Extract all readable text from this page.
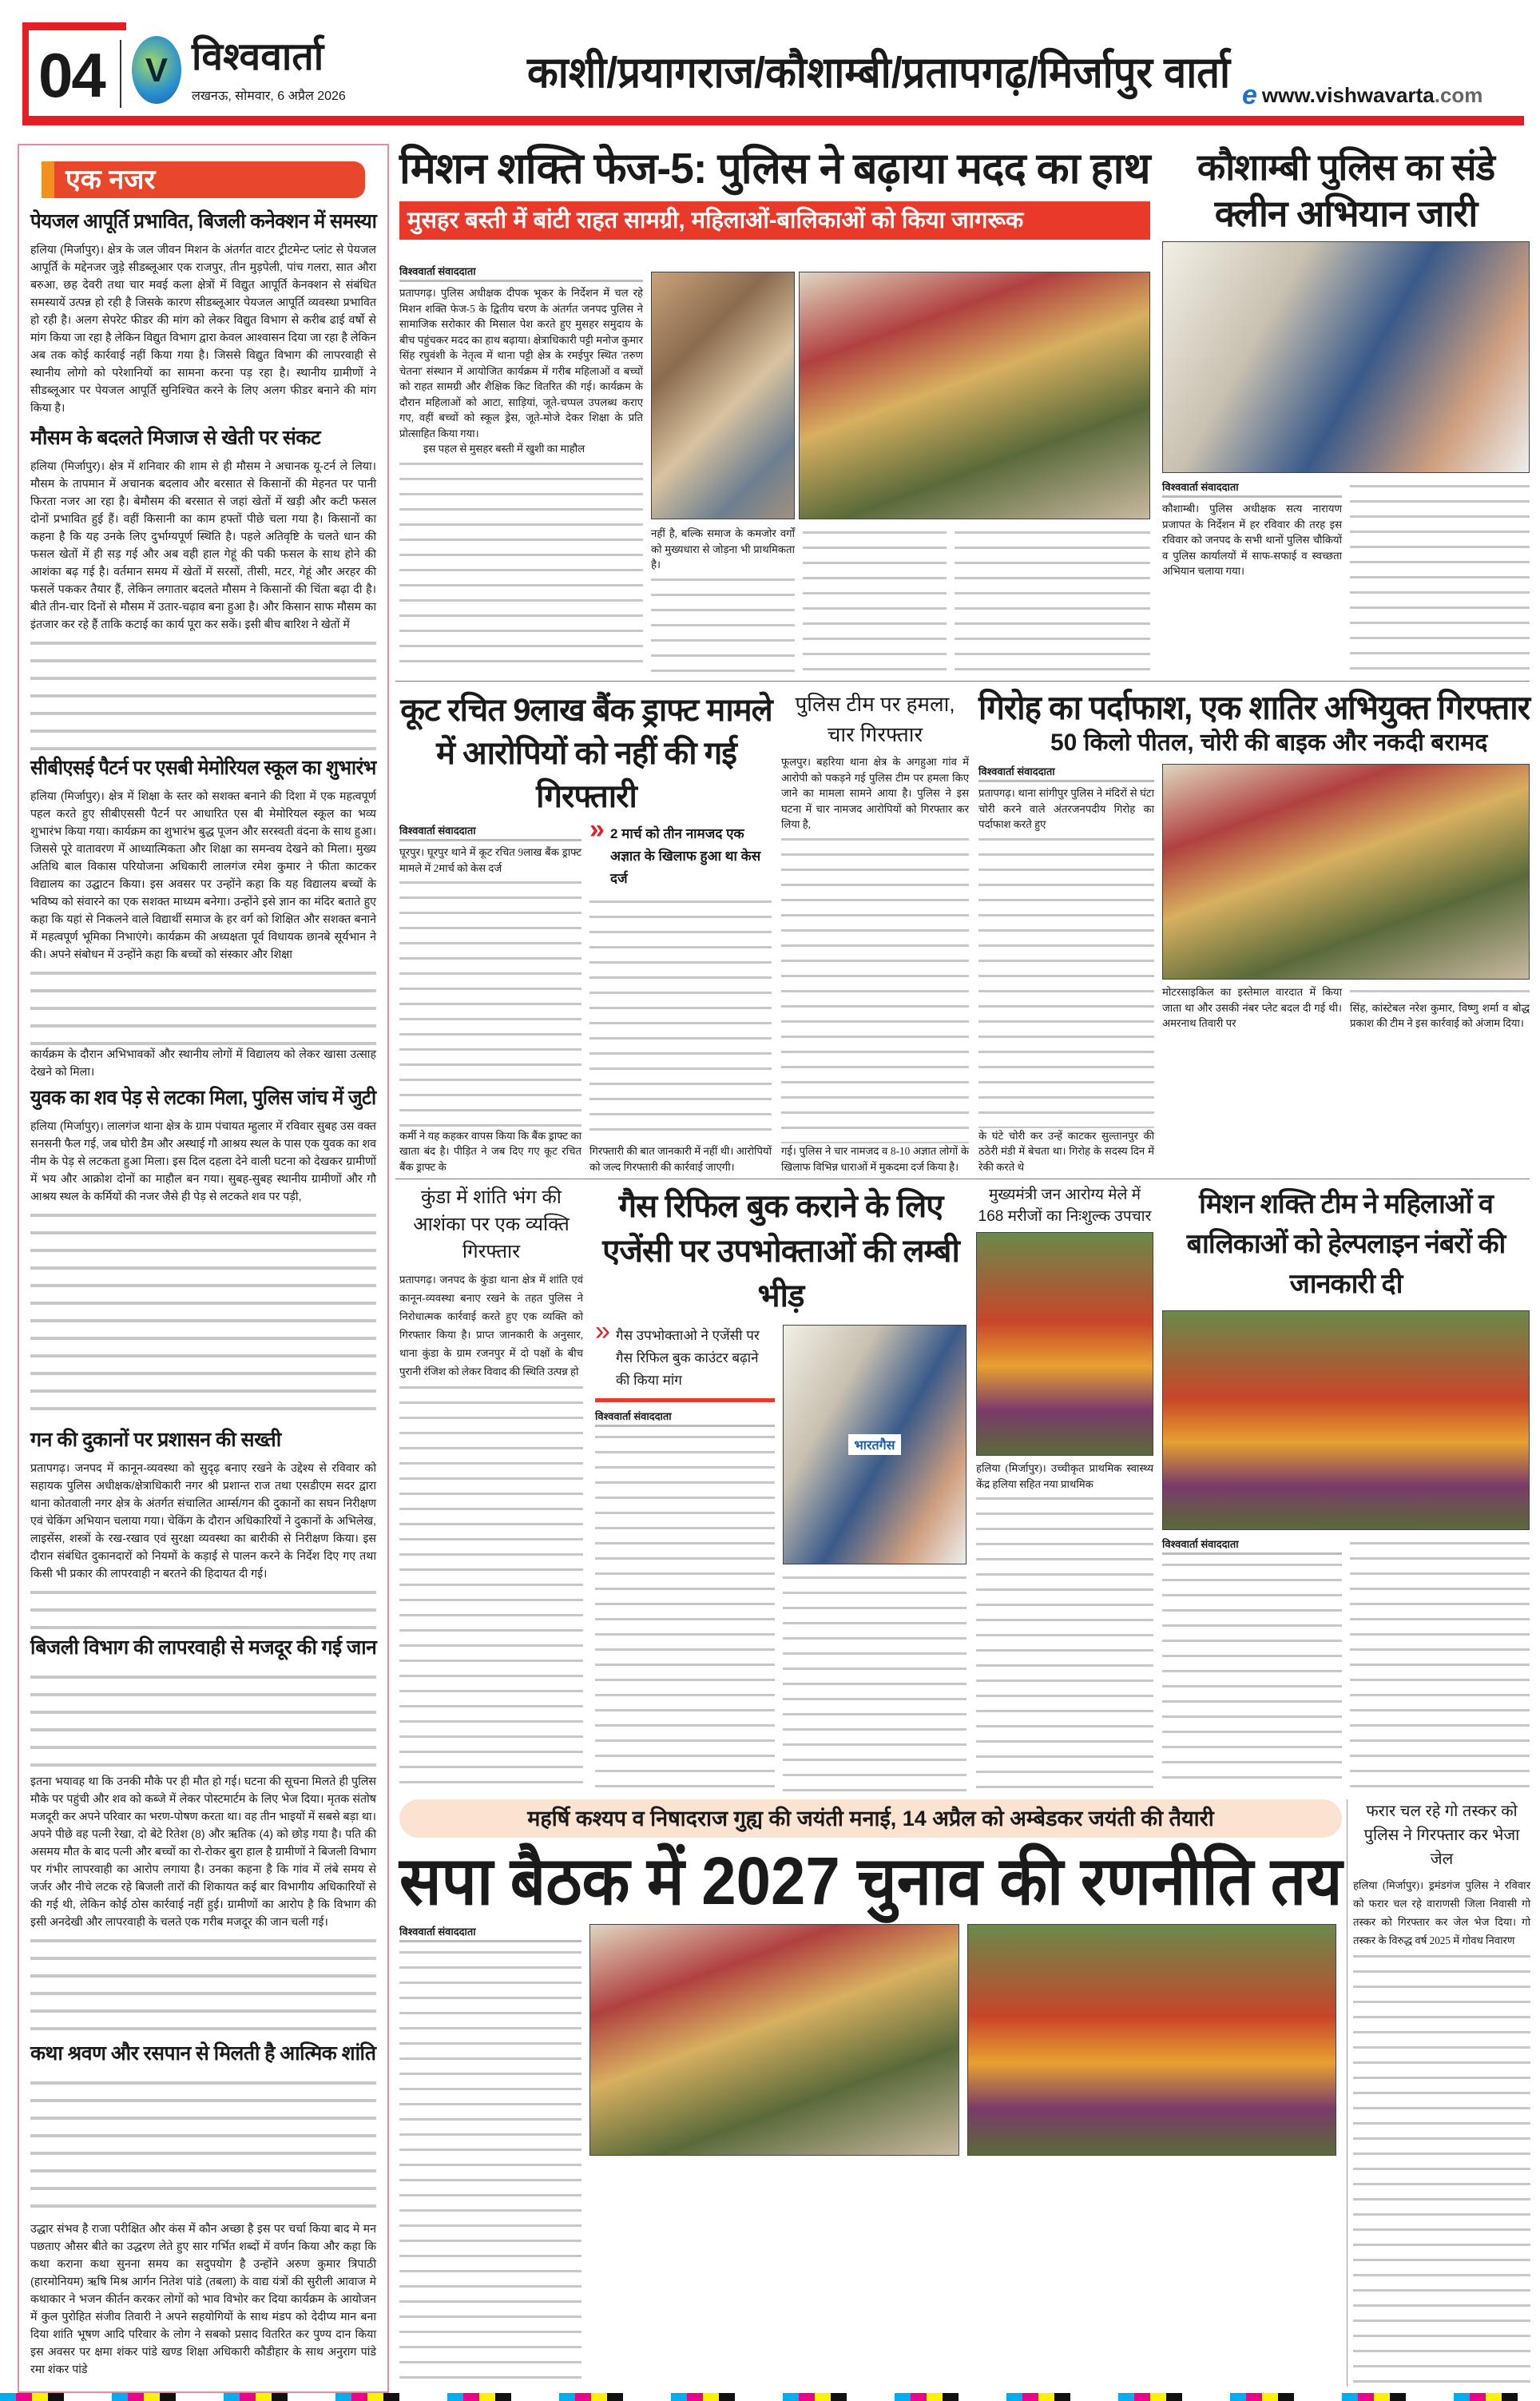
04	V विश्ववार्ता
लखनऊ, सोमवार, 6 अप्रैल 2026	काशी/प्रयागराज/कौशाम्बी/प्रतापगढ़/मिर्जापुर वार्ता e www.vishwavarta.com
एक नजर
पेयजल आपूर्ति प्रभावित, बिजली कनेक्शन में समस्या

हलिया (मिर्जापुर)। क्षेत्र के जल जीवन मिशन के अंतर्गत वाटर ट्रीटमेन्ट प्लांट से पेयजल आपूर्ति के मद्देनजर जुड़े सीडब्लूआर एक राजपुर, तीन मुड़पेली, पांच गलरा, सात औरा बरुआ, छह देवरी तथा चार मवई कला क्षेत्रों में विद्युत आपूर्ति केनक्शन से संबंधित समस्यायें उत्पन्न हो रही है जिसके कारण सीडब्लूआर पेयजल आपूर्ति व्यवस्था प्रभावित हो रही है। अलग सेपरेट फीडर की मांग को लेकर विद्युत विभाग से करीब ढाई वर्षो से मांग किया जा रहा है लेकिन विद्युत विभाग द्वारा केवल आश्वासन दिया जा रहा है लेकिन अब तक कोई कार्रवाई नहीं किया गया है। जिससे विद्युत विभाग की लापरवाही से स्थानीय लोगो को परेशानियों का सामना करना पड़ रहा है। स्थानीय ग्रामीणों ने सीडब्लूआर पर पेयजल आपूर्ति सुनिश्चित करने के लिए अलग फीडर बनाने की मांग किया है।

मौसम के बदलते मिजाज से खेती पर संकट

हलिया (मिर्जापुर)। क्षेत्र में शनिवार की शाम से ही मौसम ने अचानक यू-टर्न ले लिया। मौसम के तापमान में अचानक बदलाव और बरसात से किसानों की मेहनत पर पानी फिरता नजर आ रहा है। बेमौसम की बरसात से जहां खेतों में खड़ी और कटी फसल दोनों प्रभावित हुई हैं। वहीं किसानी का काम हफ्तों पीछे चला गया है। किसानों का कहना है कि यह उनके लिए दुर्भाग्यपूर्ण स्थिति है। पहले अतिवृष्टि के चलते धान की फसल खेतों में ही सड़ गई और अब वही हाल गेहूं की पकी फसल के साथ होने की आशंका बढ़ गई है। वर्तमान समय में खेतों में सरसों, तीसी, मटर, गेहूं और अरहर की फसलें पककर तैयार हैं, लेकिन लगातार बदलते मौसम ने किसानों की चिंता बढ़ा दी है। बीते तीन-चार दिनों से मौसम में उतार-चढ़ाव बना हुआ है। और किसान साफ मौसम का इंतजार कर रहे हैं ताकि कटाई का कार्य पूरा कर सकें। इसी बीच बारिश ने खेतों में

सीबीएसई पैटर्न पर एसबी मेमोरियल स्कूल का शुभारंभ

हलिया (मिर्जापुर)। क्षेत्र में शिक्षा के स्तर को सशक्त बनाने की दिशा में एक महत्वपूर्ण पहल करते हुए सीबीएससी पैटर्न पर आधारित एस बी मेमोरियल स्कूल का भव्य शुभारंभ किया गया। कार्यक्रम का शुभारंभ बुद्ध पूजन और सरस्वती वंदना के साथ हुआ। जिससे पूरे वातावरण में आध्यात्मिकता और शिक्षा का समन्वय देखने को मिला। मुख्य अतिथि बाल विकास परियोजना अधिकारी लालगंज रमेश कुमार ने फीता काटकर विद्यालय का उद्घाटन किया। इस अवसर पर उन्होंने कहा कि यह विद्यालय बच्चों के भविष्य को संवारने का एक सशक्त माध्यम बनेगा। उन्होंने इसे ज्ञान का मंदिर बताते हुए कहा कि यहां से निकलने वाले विद्यार्थी समाज के हर वर्ग को शिक्षित और सशक्त बनाने में महत्वपूर्ण भूमिका निभाएंगे। कार्यक्रम की अध्यक्षता पूर्व विधायक छानबे सूर्यभान ने की। अपने संबोधन में उन्होंने कहा कि बच्चों को संस्कार और शिक्षा

कार्यक्रम के दौरान अभिभावकों और स्थानीय लोगों में विद्यालय को लेकर खासा उत्साह देखने को मिला।

युवक का शव पेड़ से लटका मिला, पुलिस जांच में जुटी

हलिया (मिर्जापुर)। लालगंज थाना क्षेत्र के ग्राम पंचायत म्हुलार में रविवार सुबह उस वक्त सनसनी फैल गई, जब घोरी डैम और अस्थाई गौ आश्रय स्थल के पास एक युवक का शव नीम के पेड़ से लटकता हुआ मिला। इस दिल दहला देने वाली घटना को देखकर ग्रामीणों में भय और आक्रोश दोनों का माहौल बन गया। सुबह-सुबह स्थानीय ग्रामीणों और गौ आश्रय स्थल के कर्मियों की नजर जैसे ही पेड़ से लटकते शव पर पड़ी,

गन की दुकानों पर प्रशासन की सख्ती

प्रतापगढ़। जनपद में कानून-व्यवस्था को सुदृढ़ बनाए रखने के उद्देश्य से रविवार को सहायक पुलिस अधीक्षक/क्षेत्राधिकारी नगर श्री प्रशान्त राज तथा एसडीएम सदर द्वारा थाना कोतवाली नगर क्षेत्र के अंतर्गत संचालित आर्म्स/गन की दुकानों का सघन निरीक्षण एवं चेकिंग अभियान चलाया गया। चेकिंग के दौरान अधिकारियों ने दुकानों के अभिलेख, लाइसेंस, शस्त्रों के रख-रखाव एवं सुरक्षा व्यवस्था का बारीकी से निरीक्षण किया। इस दौरान संबंधित दुकानदारों को नियमों के कड़ाई से पालन करने के निर्देश दिए गए तथा किसी भी प्रकार की लापरवाही न बरतने की हिदायत दी गई।

बिजली विभाग की लापरवाही से मजदूर की गई जान

इतना भयावह था कि उनकी मौके पर ही मौत हो गई। घटना की सूचना मिलते ही पुलिस मौके पर पहुंची और शव को कब्जे में लेकर पोस्टमार्टम के लिए भेज दिया। मृतक संतोष मजदूरी कर अपने परिवार का भरण-पोषण करता था। वह तीन भाइयों में सबसे बड़ा था। अपने पीछे वह पत्नी रेखा, दो बेटे रितेश (8) और ऋतिक (4) को छोड़ गया है। पति की असमय मौत के बाद पत्नी और बच्चों का रो-रोकर बुरा हाल है ग्रामीणों ने बिजली विभाग पर गंभीर लापरवाही का आरोप लगाया है। उनका कहना है कि गांव में लंबे समय से जर्जर और नीचे लटक रहे बिजली तारों की शिकायत कई बार विभागीय अधिकारियों से की गई थी, लेकिन कोई ठोस कार्रवाई नहीं हुई। ग्रामीणों का आरोप है कि विभाग की इसी अनदेखी और लापरवाही के चलते एक गरीब मजदूर की जान चली गई।

कथा श्रवण और रसपान से मिलती है आत्मिक शांति

उद्धार संभव है राजा परीक्षित और कंस में कौन अच्छा है इस पर चर्चा किया बाद मे मन पछताए औसर बीते का उद्धरण लेते हुए सार गर्भित शब्दों में वर्णन किया और कहा कि कथा कराना कथा सुनना समय का सदुपयोग है उन्होंने अरुण कुमार त्रिपाठी (हारमोनियम) ऋषि मिश्र आर्गन नितेश पांडे (तबला) के वाद्य यंत्रों की सुरीली आवाज मे कथाकार ने भजन कीर्तन करकर लोगों को भाव विभोर कर दिया कार्यक्रम के आयोजन में कुल पुरोहित संजीव तिवारी ने अपने सहयोगियों के साथ मंडप को देदीप्य मान बना दिया शांति भूषण आदि परिवार के लोग ने सबको प्रसाद वितरित कर पुण्य दान किया इस अवसर पर क्षमा शंकर पांडे खण्ड शिक्षा अधिकारी कौडीहार के साथ अनुराग पांडे रमा शंकर पांडे

मिशन शक्ति फेज-5: पुलिस ने बढ़ाया मदद का हाथ
मुसहर बस्ती में बांटी राहत सामग्री, महिलाओं-बालिकाओं को किया जागरूक
विश्ववार्ता संवाददाता
प्रतापगढ़। पुलिस अधीक्षक दीपक भूकर के निर्देशन में चल रहे मिशन शक्ति फेज-5 के द्वितीय चरण के अंतर्गत जनपद पुलिस ने सामाजिक सरोकार की मिसाल पेश करते हुए मुसहर समुदाय के बीच पहुंचकर मदद का हाथ बढ़ाया। क्षेत्राधिकारी पट्टी मनोज कुमार सिंह रघुवंशी के नेतृत्व में थाना पट्टी क्षेत्र के रमईपुर स्थित 'तरुण चेतना' संस्थान में आयोजित कार्यक्रम में गरीब महिलाओं व बच्चों को राहत सामग्री और शैक्षिक किट वितरित की गई। कार्यक्रम के दौरान महिलाओं को आटा, साड़ियां, जूते-चप्पल उपलब्ध कराए गए, वहीं बच्चों को स्कूल ड्रेस, जूते-मोजे देकर शिक्षा के प्रति प्रोत्साहित किया गया।
इस पहल से मुसहर बस्ती में खुशी का माहौल
नहीं है, बल्कि समाज के कमजोर वर्गों को मुख्यधारा से जोड़ना भी प्राथमिकता है।
कौशाम्बी पुलिस का संडे क्लीन अभियान जारी
विश्ववार्ता संवाददाता
कौशाम्बी। पुलिस अधीक्षक सत्य नारायण प्रजापत के निर्देशन में हर रविवार की तरह इस रविवार को जनपद के सभी थानों पुलिस चौकियों व पुलिस कार्यालयों में साफ-सफाई व स्वच्छता अभियान चलाया गया।
कूट रचित 9लाख बैंक ड्राफ्ट मामले में आरोपियों को नहीं की गई गिरफ्तारी
विश्ववार्ता संवाददाता
घूरपुर। घूरपुर थाने में कूट रचित 9लाख बैंक ड्राफ्ट मामले में 2मार्च को केस दर्ज
कर्मी ने यह कहकर वापस किया कि बैंक ड्राफ्ट का खाता बंद है। पीड़ित ने जब दिए गए कूट रचित बैंक ड्राफ्ट के
» 2 मार्च को तीन नामजद एक अज्ञात के खिलाफ हुआ था केस दर्ज
गिरफ्तारी की बात जानकारी में नहीं थी। आरोपियों को जल्द गिरफ्तारी की कार्रवाई जाएगी।
पुलिस टीम पर हमला, चार गिरफ्तार
फूलपुर। बहरिया थाना क्षेत्र के अगहुआ गांव में आरोपी को पकड़ने गई पुलिस टीम पर हमला किए जाने का मामला सामने आया है। पुलिस ने इस घटना में चार नामजद आरोपियों को गिरफ्तार कर लिया है,
गई। पुलिस ने चार नामजद व 8-10 अज्ञात लोगों के खिलाफ विभिन्न धाराओं में मुकदमा दर्ज किया है।
गिरोह का पर्दाफाश, एक शातिर अभियुक्त गिरफ्तार
50 किलो पीतल, चोरी की बाइक और नकदी बरामद
विश्ववार्ता संवाददाता
प्रतापगढ़। थाना सांगीपुर पुलिस ने मंदिरों से घंटा चोरी करने वाले अंतरजनपदीय गिरोह का पर्दाफाश करते हुए
के घंटे चोरी कर उन्हें काटकर सुल्तानपुर की ठठेरी मंडी में बेचता था। गिरोह के सदस्य दिन में रेकी करते थे
मोटरसाइकिल का इस्तेमाल वारदात में किया जाता था और उसकी नंबर प्लेट बदल दी गई थी। अमरनाथ तिवारी पर
सिंह, कांस्टेबल नरेश कुमार, विष्णु शर्मा व बोद्ध प्रकाश की टीम ने इस कार्रवाई को अंजाम दिया।
कुंडा में शांति भंग की आशंका पर एक व्यक्ति गिरफ्तार
प्रतापगढ़। जनपद के कुंडा थाना क्षेत्र में शांति एवं कानून-व्यवस्था बनाए रखने के तहत पुलिस ने निरोधात्मक कार्रवाई करते हुए एक व्यक्ति को गिरफ्तार किया है। प्राप्त जानकारी के अनुसार, थाना कुंडा के ग्राम रजनपुर में दो पक्षों के बीच पुरानी रंजिश को लेकर विवाद की स्थिति उत्पन्न हो
गैस रिफिल बुक कराने के लिए एजेंसी पर उपभोक्ताओं की लम्बी भीड़
» गैस उपभोक्ताओ ने एजेंसी पर गैस रिफिल बुक काउंटर बढ़ाने की किया मांग
विश्ववार्ता संवाददाता
भारतगैस
मुख्यमंत्री जन आरोग्य मेले में 168 मरीजों का निःशुल्क उपचार
हलिया (मिर्जापुर)। उच्चीकृत प्राथमिक स्वास्थ्य केंद्र हलिया सहित नया प्राथमिक
मिशन शक्ति टीम ने महिलाओं व बालिकाओं को हेल्पलाइन नंबरों की जानकारी दी
विश्ववार्ता संवाददाता
महर्षि कश्यप व निषादराज गुह्य की जयंती मनाई, 14 अप्रैल को अम्बेडकर जयंती की तैयारी
सपा बैठक में 2027 चुनाव की रणनीति तय
विश्ववार्ता संवाददाता
फरार चल रहे गो तस्कर को पुलिस ने गिरफ्तार कर भेजा जेल
हलिया (मिर्जापुर)। ड्रमंडगंज पुलिस ने रविवार को फरार चल रहे वाराणसी जिला निवासी गो तस्कर को गिरफ्तार कर जेल भेज दिया। गो तस्कर के विरुद्ध वर्ष 2025 में गोवध निवारण
